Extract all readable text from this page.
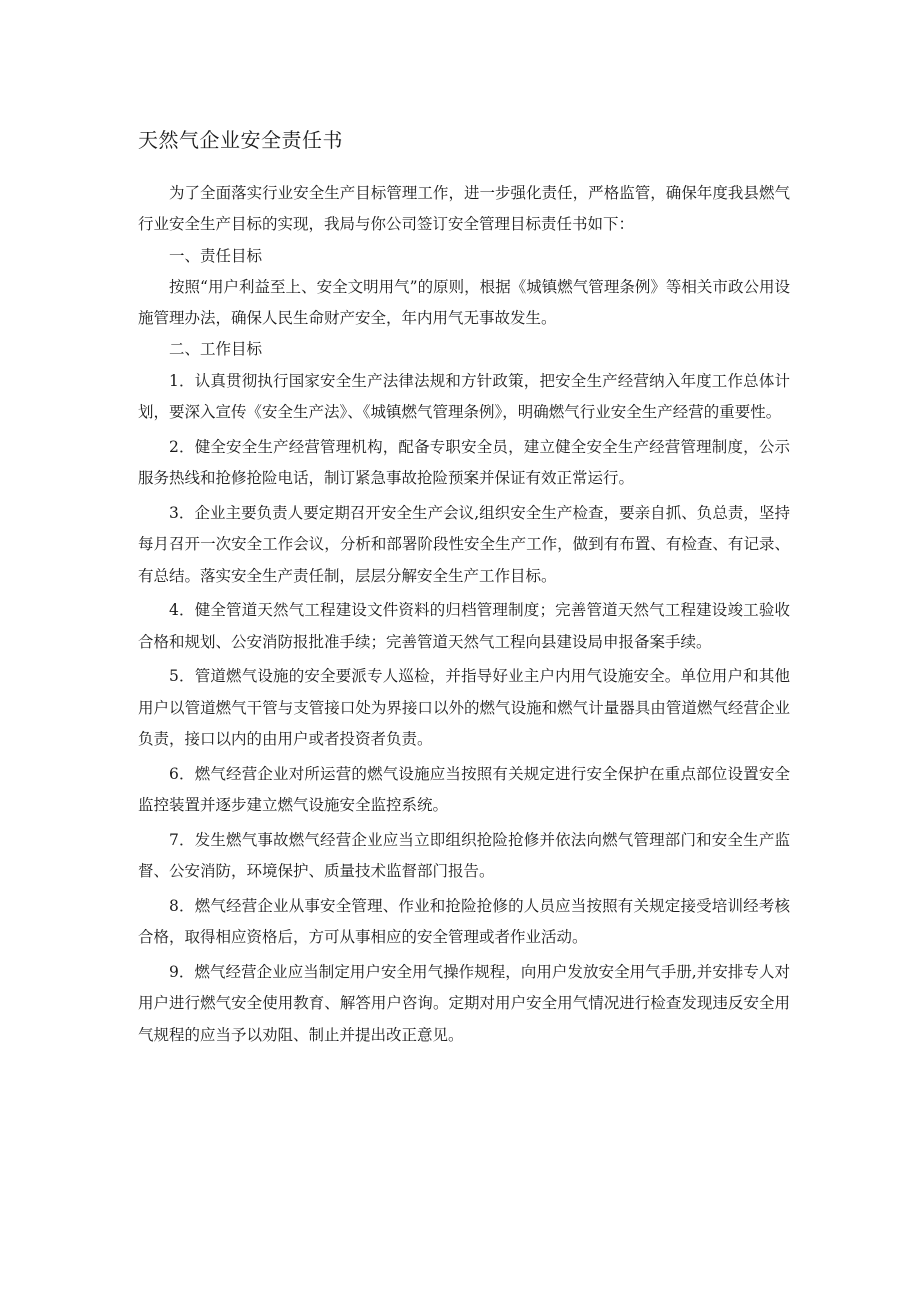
天然气企业安全责任书

为了全面落实行业安全生产目标管理工作，进一步强化责任，严格监管，确保年度我县燃气行业安全生产目标的实现，我局与你公司签订安全管理目标责任书如下：

一、责任目标

按照“用户利益至上、安全文明用气”的原则，根据《城镇燃气管理条例》等相关市政公用设施管理办法，确保人民生命财产安全，年内用气无事故发生。

二、工作目标

1．认真贯彻执行国家安全生产法律法规和方针政策，把安全生产经营纳入年度工作总体计划，要深入宣传《安全生产法》、《城镇燃气管理条例》，明确燃气行业安全生产经营的重要性。

2．健全安全生产经营管理机构，配备专职安全员，建立健全安全生产经营管理制度，公示服务热线和抢修抢险电话，制订紧急事故抢险预案并保证有效正常运行。

3．企业主要负责人要定期召开安全生产会议,组织安全生产检查，要亲自抓、负总责，坚持每月召开一次安全工作会议，分析和部署阶段性安全生产工作，做到有布置、有检查、有记录、有总结。落实安全生产责任制，层层分解安全生产工作目标。

4．健全管道天然气工程建设文件资料的归档管理制度；完善管道天然气工程建设竣工验收合格和规划、公安消防报批准手续；完善管道天然气工程向县建设局申报备案手续。

5．管道燃气设施的安全要派专人巡检，并指导好业主户内用气设施安全。单位用户和其他用户以管道燃气干管与支管接口处为界接口以外的燃气设施和燃气计量器具由管道燃气经营企业负责，接口以内的由用户或者投资者负责。

6．燃气经营企业对所运营的燃气设施应当按照有关规定进行安全保护在重点部位设置安全监控装置并逐步建立燃气设施安全监控系统。

7．发生燃气事故燃气经营企业应当立即组织抢险抢修并依法向燃气管理部门和安全生产监督、公安消防，环境保护、质量技术监督部门报告。

8．燃气经营企业从事安全管理、作业和抢险抢修的人员应当按照有关规定接受培训经考核合格，取得相应资格后，方可从事相应的安全管理或者作业活动。

9．燃气经营企业应当制定用户安全用气操作规程，向用户发放安全用气手册,并安排专人对用户进行燃气安全使用教育、解答用户咨询。定期对用户安全用气情况进行检查发现违反安全用气规程的应当予以劝阻、制止并提出改正意见。
